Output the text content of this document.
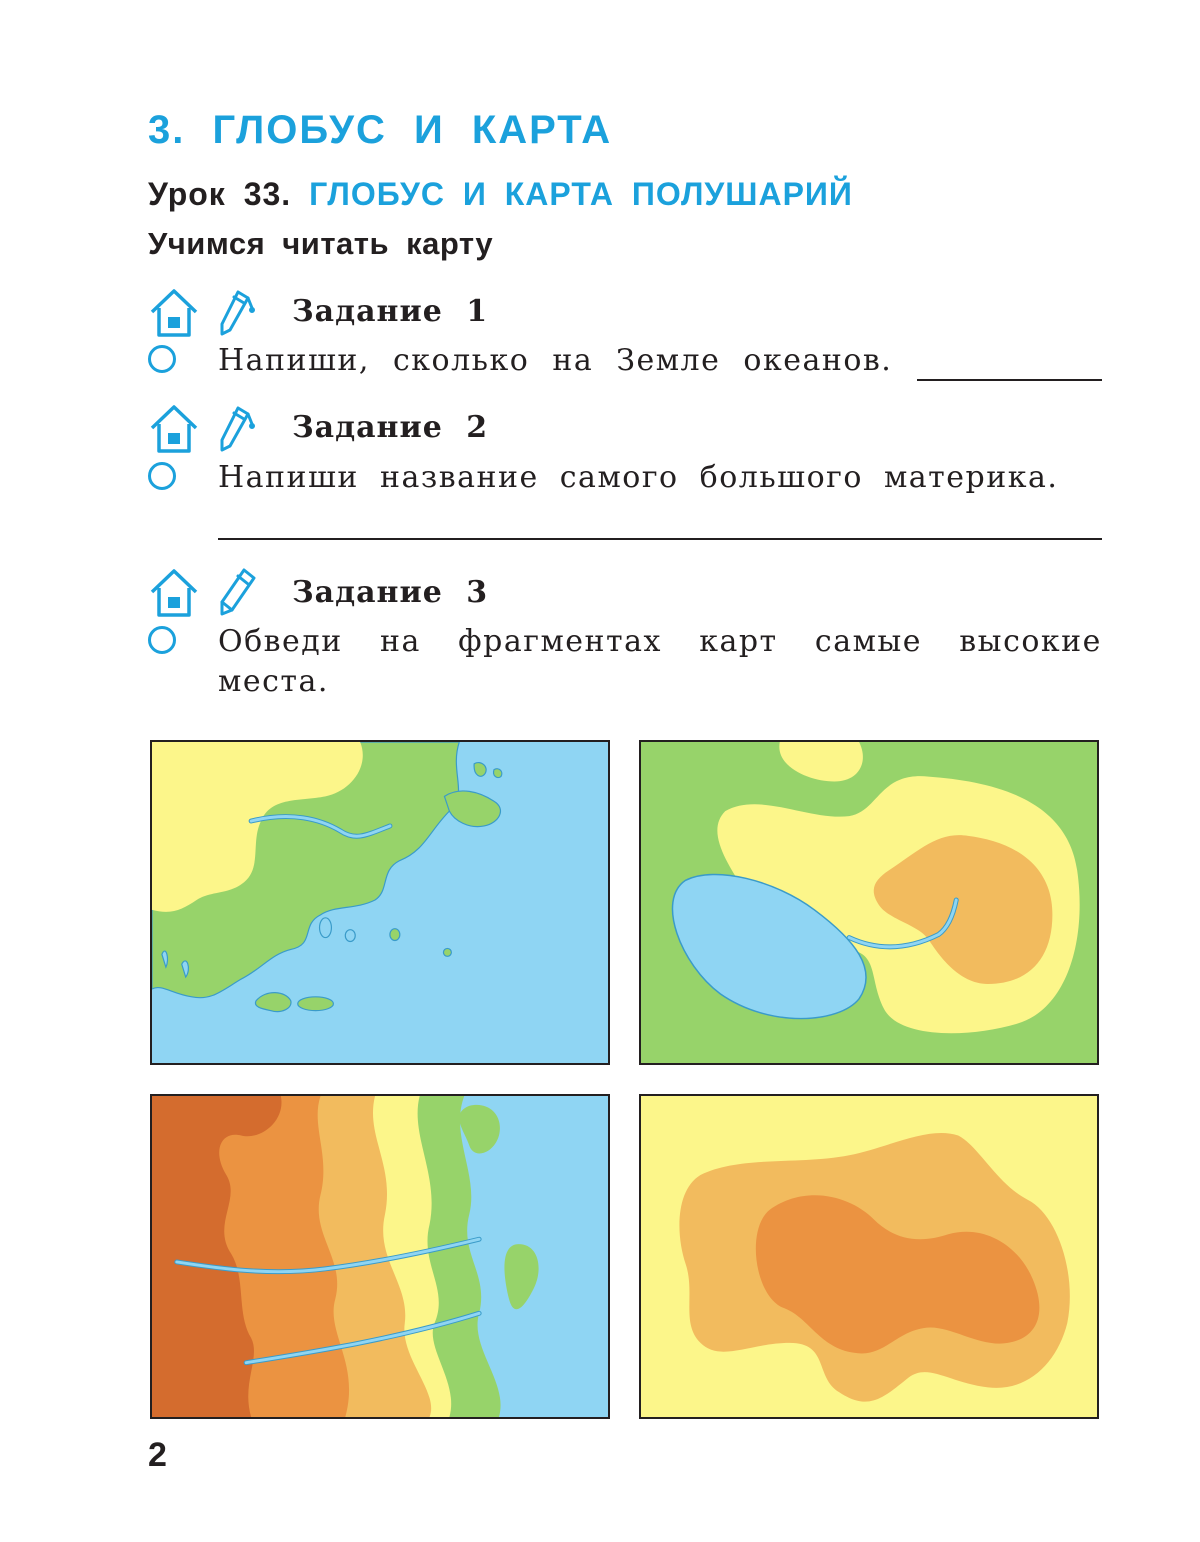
3. ГЛОБУС И КАРТА
Урок 33. ГЛОБУС И КАРТА ПОЛУШАРИЙ
Учимся читать карту
Задание 1
Напиши, сколько на Земле океанов.
Задание 2
Напиши название самого большого материка.
Задание 3
Обведи на фрагментах карт самые высокие
места.
2
